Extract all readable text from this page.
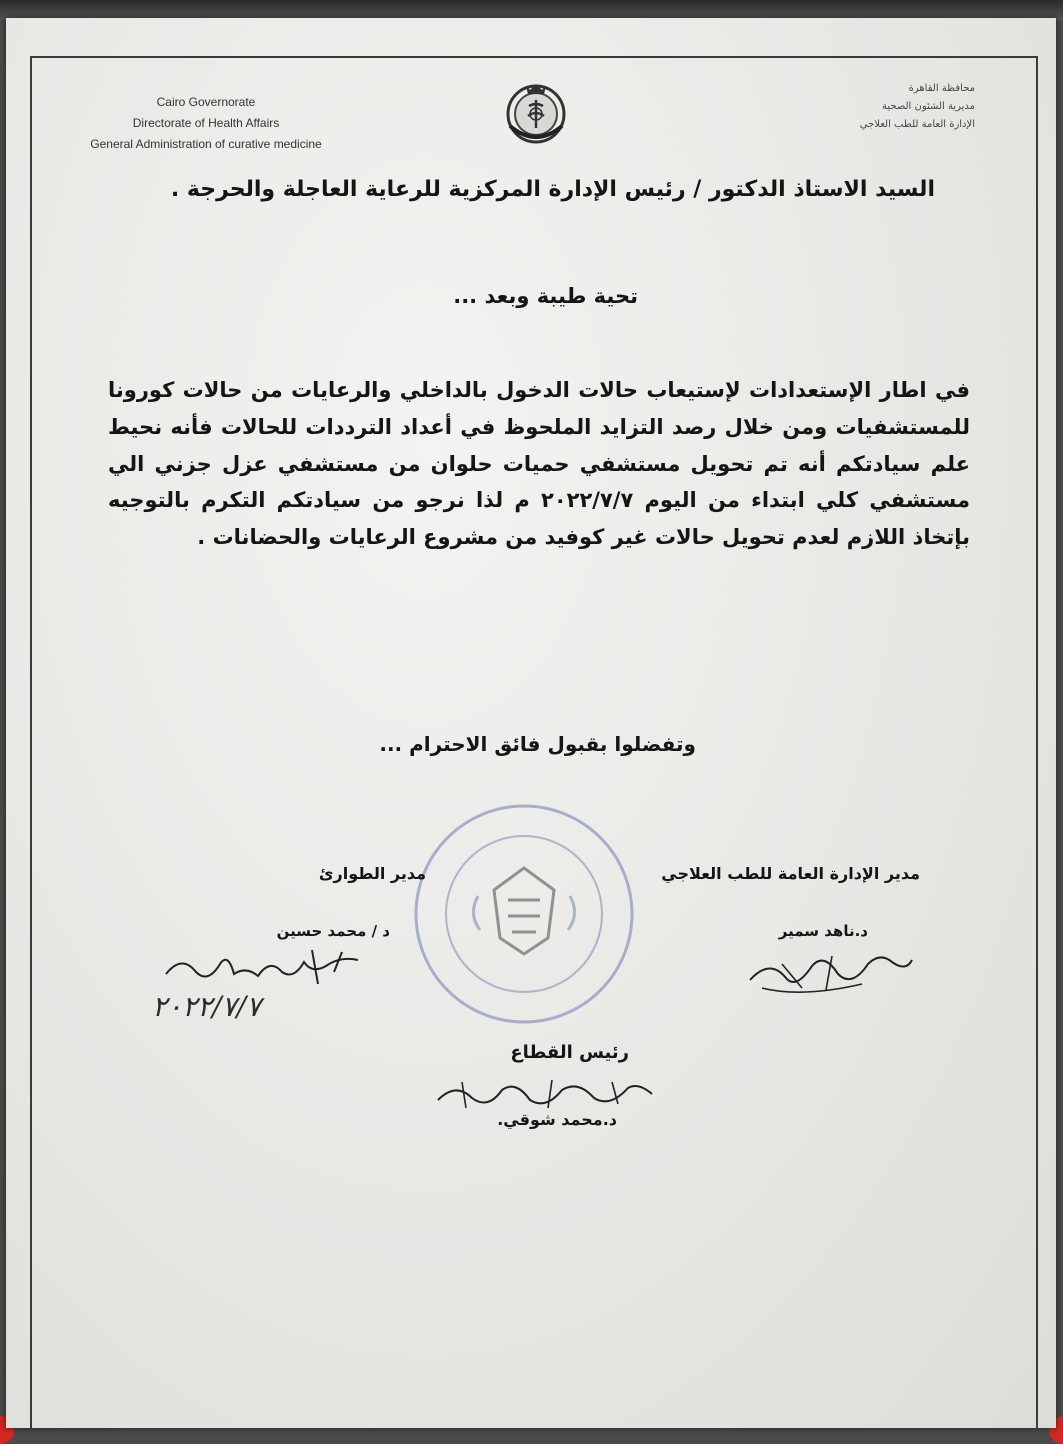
Cairo Governorate
Directorate of Health Affairs
General Administration of curative medicine
محافظة القاهرة
مديرية الشئون الصحية
الإدارة العامة للطب العلاجي
السيد الاستاذ الدكتور / رئيس الإدارة المركزية للرعاية العاجلة والحرجة .
تحية طيبة وبعد ...
في اطار الإستعدادات لإستيعاب حالات الدخول بالداخلي والرعايات من حالات كورونا للمستشفيات ومن خلال رصد التزايد الملحوظ في أعداد الترددات للحالات فأنه نحيط علم سيادتكم أنه تم تحويل مستشفي حميات حلوان من مستشفي عزل جزني الي مستشفي كلي ابتداء من اليوم ٢٠٢٢/٧/٧ م لذا نرجو من سيادتكم التكرم بالتوجيه بإتخاذ اللازم لعدم تحويل حالات غير كوفيد من مشروع الرعايات والحضانات .
وتفضلوا بقبول فائق الاحترام ...
مدير الإدارة العامة للطب العلاجي
د.ناهد سمير
٢٠٢٢/٧/٧
مدير الطوارئ
د / محمد حسين
رئيس القطاع
د.محمد شوقي.
